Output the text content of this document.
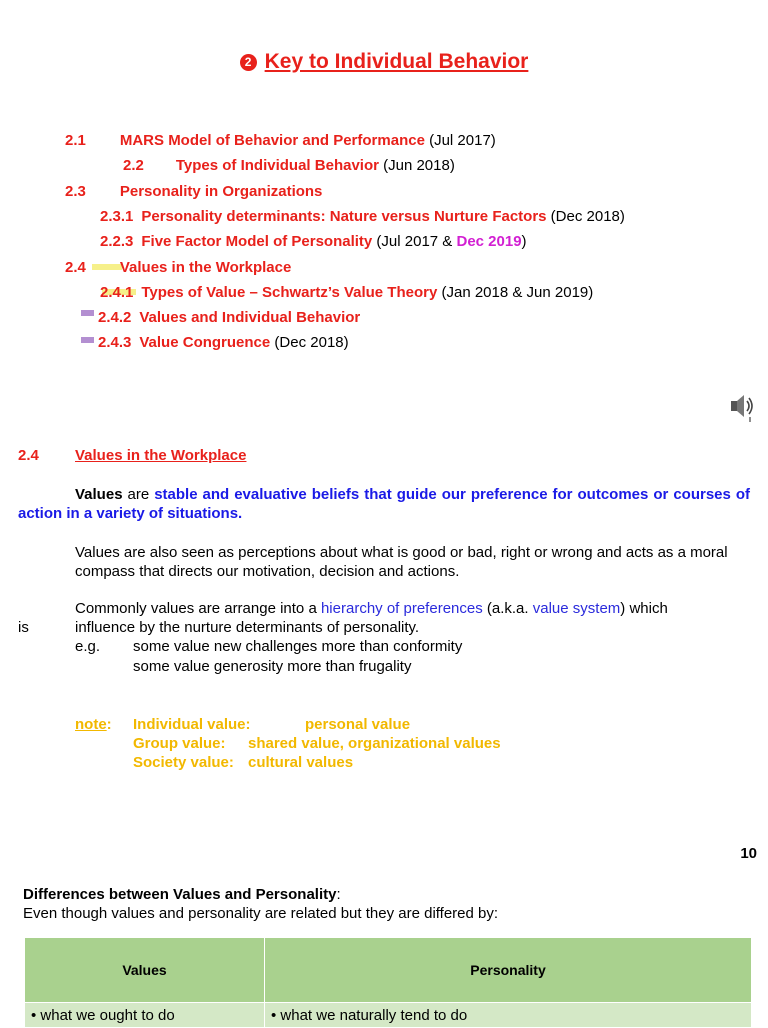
2 Key to Individual Behavior
2.1 MARS Model of Behavior and Performance (Jul 2017)
2.2 Types of Individual Behavior (Jun 2018)
2.3 Personality in Organizations
2.3.1 Personality determinants: Nature versus Nurture Factors (Dec 2018)
2.2.3 Five Factor Model of Personality (Jul 2017 & Dec 2019)
2.4 Values in the Workplace
2.4.1 Types of Value – Schwartz’s Value Theory (Jan 2018 & Jun 2019)
2.4.2 Values and Individual Behavior
2.4.3 Value Congruence (Dec 2018)
2.4 Values in the Workplace
Values are stable and evaluative beliefs that guide our preference for outcomes or courses of action in a variety of situations.
Values are also seen as perceptions about what is good or bad, right or wrong and acts as a moral compass that directs our motivation, decision and actions.
Commonly values are arrange into a hierarchy of preferences (a.k.a. value system) which
is	influence by the nurture determinants of personality.
e.g. some value new challenges more than conformity
some value generosity more than frugality
note: Individual value:	personal value
Group value: shared value, organizational values
Society value: cultural values
10
Differences between Values and Personality:
Even though values and personality are related but they are differed by:
Values	Personality
• what we ought to do	• what we naturally tend to do
